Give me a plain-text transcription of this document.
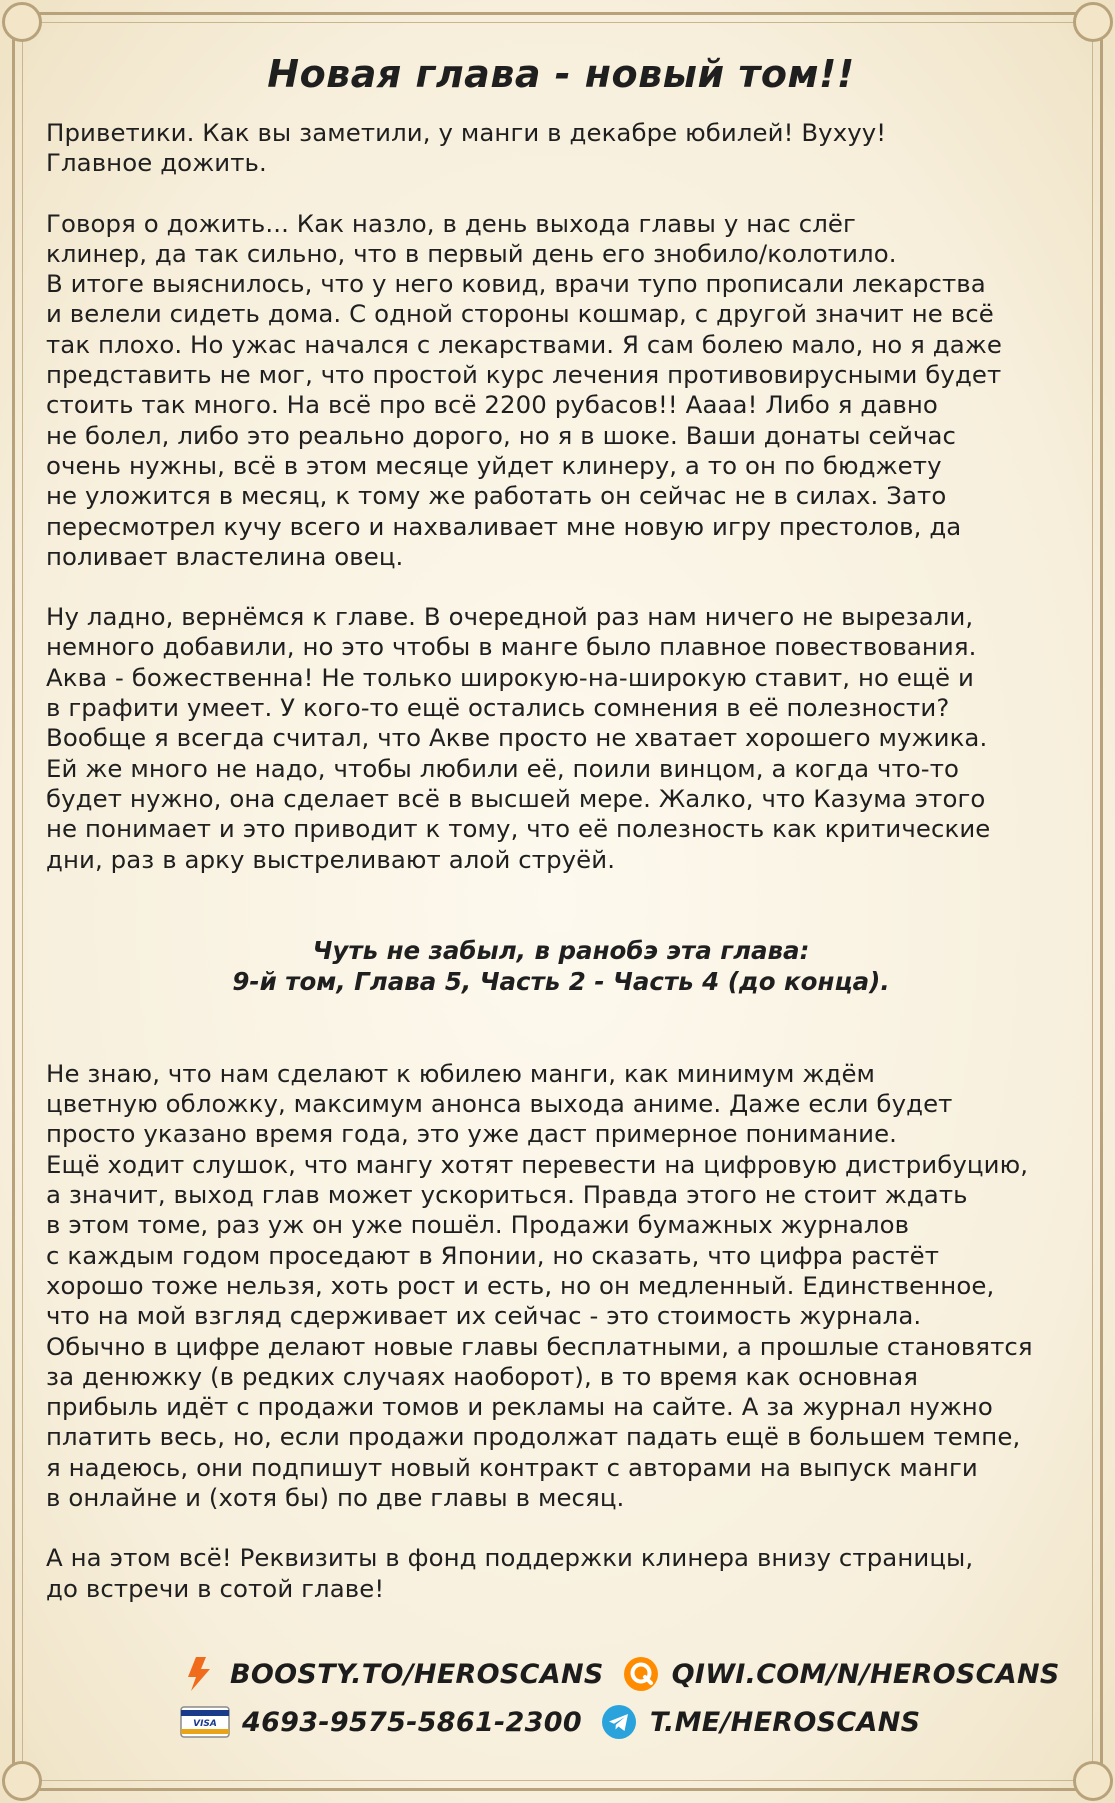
Новая глава - новый том!!

Приветики. Как вы заметили, у манги в декабре юбилей! Вухуу!
Главное дожить.

Говоря о дожить... Как назло, в день выхода главы у нас слёг
клинер, да так сильно, что в первый день его знобило/колотило.
В итоге выяснилось, что у него ковид, врачи тупо прописали лекарства
и велели сидеть дома. С одной стороны кошмар, с другой значит не всё
так плохо. Но ужас начался с лекарствами. Я сам болею мало, но я даже
представить не мог, что простой курс лечения противовирусными будет
стоить так много. На всё про всё 2200 рубасов!! Аааа! Либо я давно
не болел, либо это реально дорого, но я в шоке. Ваши донаты сейчас
очень нужны, всё в этом месяце уйдет клинеру, а то он по бюджету
не уложится в месяц, к тому же работать он сейчас не в силах. Зато
пересмотрел кучу всего и нахваливает мне новую игру престолов, да
поливает властелина овец.

Ну ладно, вернёмся к главе. В очередной раз нам ничего не вырезали,
немного добавили, но это чтобы в манге было плавное повествования.
Аква - божественна! Не только широкую-на-широкую ставит, но ещё и
в графити умеет. У кого-то ещё остались сомнения в её полезности?
Вообще я всегда считал, что Акве просто не хватает хорошего мужика.
Ей же много не надо, чтобы любили её, поили винцом, а когда что-то
будет нужно, она сделает всё в высшей мере. Жалко, что Казума этого
не понимает и это приводит к тому, что её полезность как критические
дни, раз в арку выстреливают алой струёй.

Чуть не забыл, в ранобэ эта глава:
9-й том, Глава 5, Часть 2 - Часть 4 (до конца).

Не знаю, что нам сделают к юбилею манги, как минимум ждём
цветную обложку, максимум анонса выхода аниме. Даже если будет
просто указано время года, это уже даст примерное понимание.
Ещё ходит слушок, что мангу хотят перевести на цифровую дистрибуцию,
а значит, выход глав может ускориться. Правда этого не стоит ждать
в этом томе, раз уж он уже пошёл. Продажи бумажных журналов
с каждым годом проседают в Японии, но сказать, что цифра растёт
хорошо тоже нельзя, хоть рост и есть, но он медленный. Единственное,
что на мой взгляд сдерживает их сейчас - это стоимость журнала.
Обычно в цифре делают новые главы бесплатными, а прошлые становятся
за денюжку (в редких случаях наоборот), в то время как основная
прибыль идёт с продажи томов и рекламы на сайте. А за журнал нужно
платить весь, но, если продажи продолжат падать ещё в большем темпе,
я надеюсь, они подпишут новый контракт с авторами на выпуск манги
в онлайне и (хотя бы) по две главы в месяц.

А на этом всё! Реквизиты в фонд поддержки клинера внизу страницы,
до встречи в сотой главе!

BOOSTY.TO/HEROSCANS	QIWI.COM/N/HEROSCANS
VISA 4693-9575-5861-2300	T.ME/HEROSCANS
